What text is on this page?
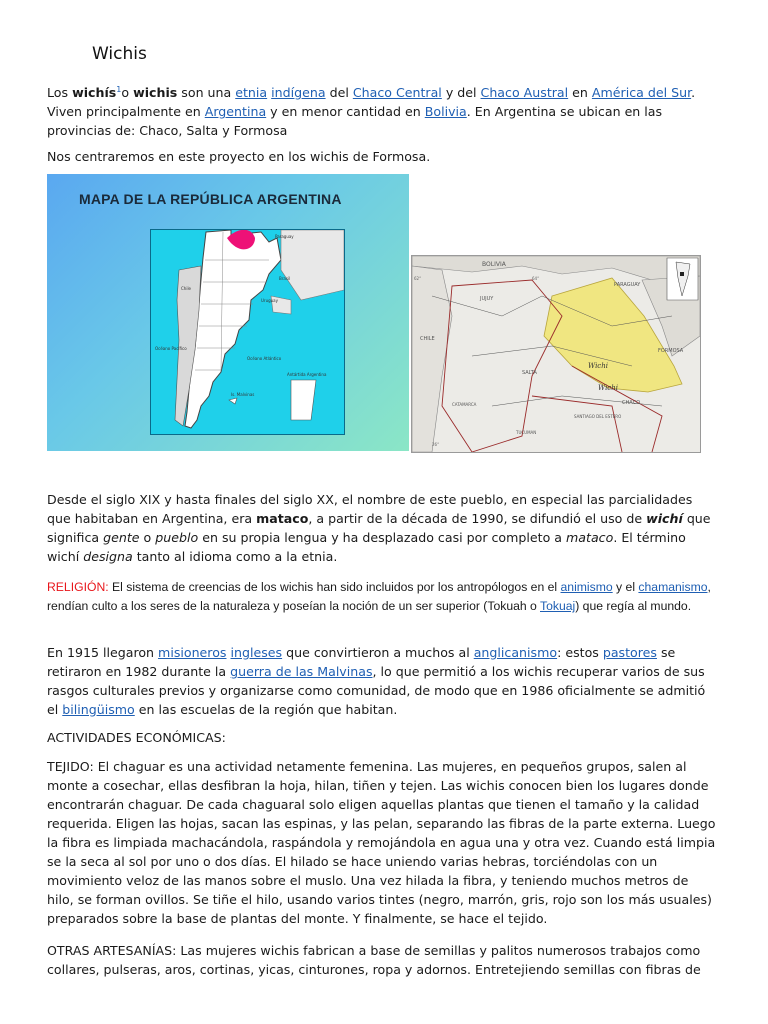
Wichis

Los wichís$^1$o wichis son una etnia indígena del Chaco Central y del Chaco Austral en América del Sur. Viven principalmente en Argentina y en menor cantidad en Bolivia. En Argentina se ubican en las provincias de: Chaco, Salta y Formosa

Nos centraremos en este proyecto en los wichis de Formosa.

MAPA DE LA REPÚBLICA ARGENTINA
Paraguay
Brasil
Uruguay
Chile
Océano Pacífico
Océano Atlántico
Is. Malvinas
Antártida Argentina
BOLIVIA
PARAGUAY
CHILE
JUJUY
SALTA
FORMOSA
CHACO
SANTIAGO DEL ESTERO
TUCUMAN
CATAMARCA
Wichi
Wichi
62°	64°
26°

Desde el siglo XIX y hasta finales del siglo XX, el nombre de este pueblo, en especial las parcialidades que habitaban en Argentina, era mataco, a partir de la década de 1990, se difundió el uso de wichí que significa gente o pueblo en su propia lengua y ha desplazado casi por completo a mataco. El término wichí designa tanto al idioma como a la etnia.

RELIGIÓN: El sistema de creencias de los wichis han sido incluidos por los antropólogos en el animismo y el chamanismo, rendían culto a los seres de la naturaleza y poseían la noción de un ser superior (Tokuah o Tokuaj) que regía al mundo.

En 1915 llegaron misioneros ingleses que convirtieron a muchos al anglicanismo: estos pastores se retiraron en 1982 durante la guerra de las Malvinas, lo que permitió a los wichis recuperar varios de sus rasgos culturales previos y organizarse como comunidad, de modo que en 1986 oficialmente se admitió el bilingüismo en las escuelas de la región que habitan.

ACTIVIDADES ECONÓMICAS:

TEJIDO: El chaguar es una actividad netamente femenina. Las mujeres, en pequeños grupos, salen al monte a cosechar, ellas desfibran la hoja, hilan, tiñen y tejen. Las wichis conocen bien los lugares donde encontrarán chaguar. De cada chaguaral solo eligen aquellas plantas que tienen el tamaño y la calidad requerida. Eligen las hojas, sacan las espinas, y las pelan, separando las fibras de la parte externa. Luego la fibra es limpiada machacándola, raspándola y remojándola en agua una y otra vez. Cuando está limpia se la seca al sol por uno o dos días. El hilado se hace uniendo varias hebras, torciéndolas con un movimiento veloz de las manos sobre el muslo. Una vez hilada la fibra, y teniendo muchos metros de hilo, se forman ovillos. Se tiñe el hilo, usando varios tintes (negro, marrón, gris, rojo son los más usuales) preparados sobre la base de plantas del monte. Y finalmente, se hace el tejido.

OTRAS ARTESANÍAS: Las mujeres wichis fabrican a base de semillas y palitos numerosos trabajos como collares, pulseras, aros, cortinas, yicas, cinturones, ropa y adornos. Entretejiendo semillas con fibras de
